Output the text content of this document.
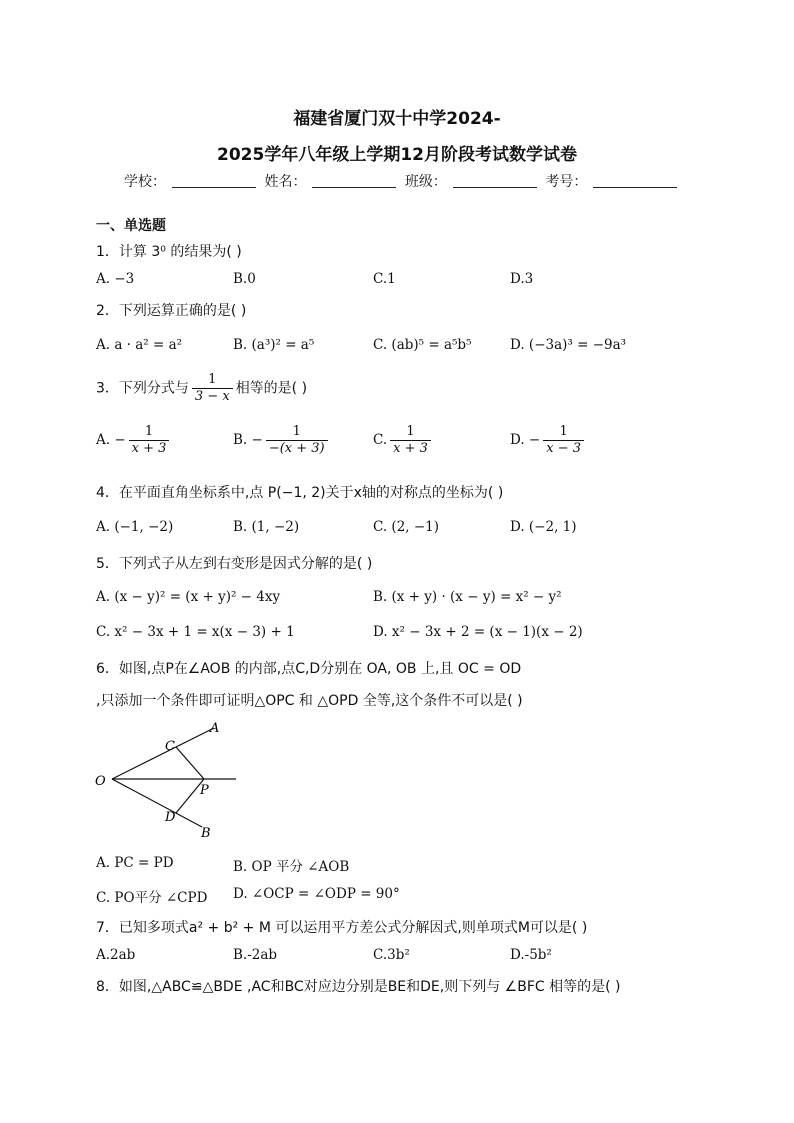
福建省厦门双十中学2024-
2025学年八年级上学期12月阶段考试数学试卷
学校：	姓名：	班级：	考号：
一、单选题
1．计算 3⁰ 的结果为( )
A. −3	B.0	C.1	D.3
2．下列运算正确的是( )
A. a · a² = a²	B. (a³)² = a⁵	C. (ab)⁵ = a⁵b⁵	D. (−3a)³ = −9a³
3．下列分式与 $\frac{1}{3 - x}$ 相等的是( )
A. − $\frac{1}{x + 3}$	B. − $\frac{1}{-(x + 3)}$	C. $\frac{1}{x + 3}$	D. − $\frac{1}{x - 3}$
4．在平面直角坐标系中,点 P(−1, 2)关于x轴的对称点的坐标为( )
A. (−1, −2)	B. (1, −2)	C. (2, −1)	D. (−2, 1)
5．下列式子从左到右变形是因式分解的是( )
A. (x − y)² = (x + y)² − 4xy	B. (x + y) · (x − y) = x² − y²
C. x² − 3x + 1 = x(x − 3) + 1	D. x² − 3x + 2 = (x − 1)(x − 2)
6．如图,点P在∠AOB 的内部,点C,D分别在 OA, OB 上,且 OC = OD
,只添加一个条件即可证明△OPC 和 △OPD 全等,这个条件不可以是( )
A
C
O
P
D
B
A. PC = PD	B. OP 平分 ∠AOB
C. PO平分 ∠CPD D. ∠OCP = ∠ODP = 90°
7．已知多项式a² + b² + M 可以运用平方差公式分解因式,则单项式M可以是( )
A.2ab	B.-2ab	C.3b²	D.-5b²
8．如图,△ABC≌△BDE ,AC和BC对应边分别是BE和DE,则下列与 ∠BFC 相等的是( )
